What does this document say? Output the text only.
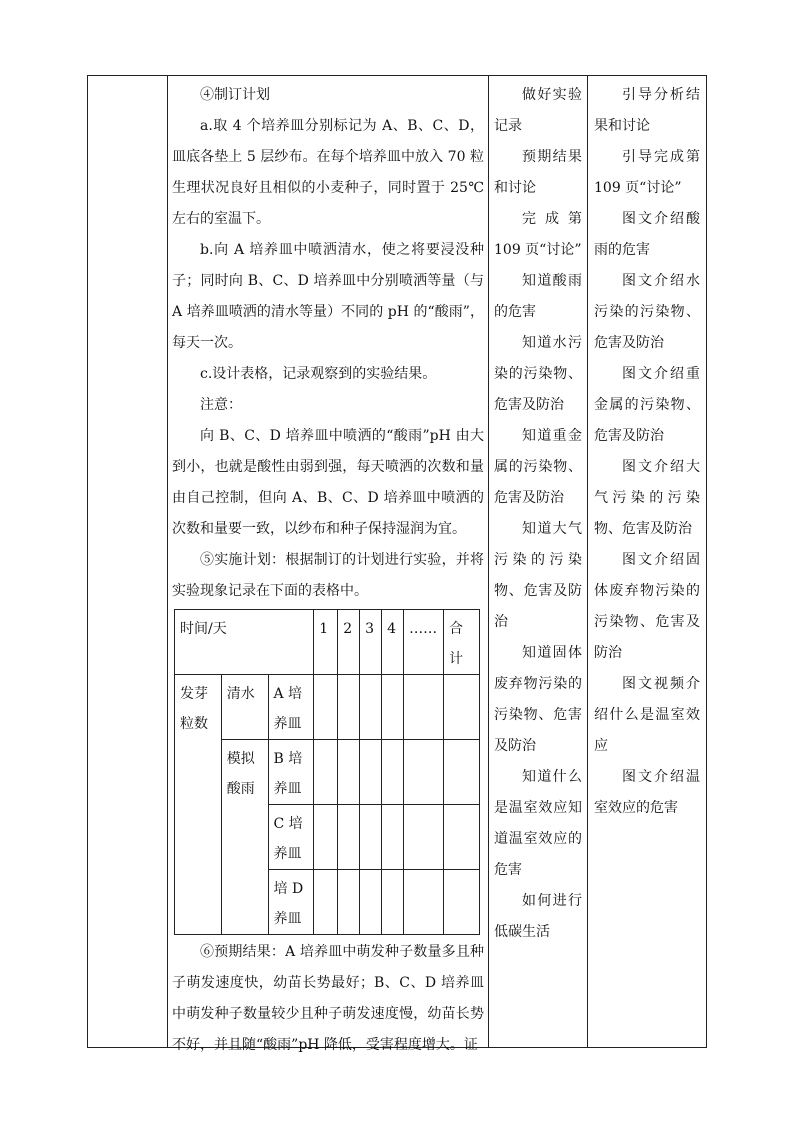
④制订计划

a.取 4 个培养皿分别标记为 A、B、C、D，皿底各垫上 5 层纱布。在每个培养皿中放入 70 粒生理状况良好且相似的小麦种子，同时置于 25℃左右的室温下。

b.向 A 培养皿中喷洒清水，使之将要浸没种子；同时向 B、C、D 培养皿中分别喷洒等量（与 A 培养皿喷洒的清水等量）不同的 pH 的“酸雨”，每天一次。

c.设计表格，记录观察到的实验结果。

注意：

向 B、C、D 培养皿中喷洒的“酸雨”pH 由大到小，也就是酸性由弱到强，每天喷洒的次数和量由自己控制，但向 A、B、C、D 培养皿中喷洒的次数和量要一致，以纱布和种子保持湿润为宜。

⑤实施计划：根据制订的计划进行实验，并将实验现象记录在下面的表格中。

时间/天			1	2	3	4	……	合计
发芽粒数	清水	A 培养皿						
	模拟酸雨	B 培养皿						
		C 培养皿						
		培 D 养皿						

⑥预期结果：A 培养皿中萌发种子数量多且种子萌发速度快，幼苗长势最好；B、C、D 培养皿中萌发种子数量较少且种子萌发速度慢，幼苗长势不好，并且随“酸雨”pH 降低，受害程度增大。证

做好实验记录

预期结果和讨论

完 成 第 109 页“讨论”

知道酸雨的危害

知道水污染的污染物、危害及防治

知道重金属的污染物、危害及防治

知道大气污染的污染物、危害及防治

知道固体废弃物污染的污染物、危害及防治

知道什么是温室效应知道温室效应的危害

如何进行低碳生活

引导分析结果和讨论

引导完成第 109 页“讨论”

图文介绍酸雨的危害

图文介绍水污染的污染物、危害及防治

图文介绍重金属的污染物、危害及防治

图文介绍大气污染的污染物、危害及防治

图文介绍固体废弃物污染的污染物、危害及防治

图文视频介绍什么是温室效应

图文介绍温室效应的危害
